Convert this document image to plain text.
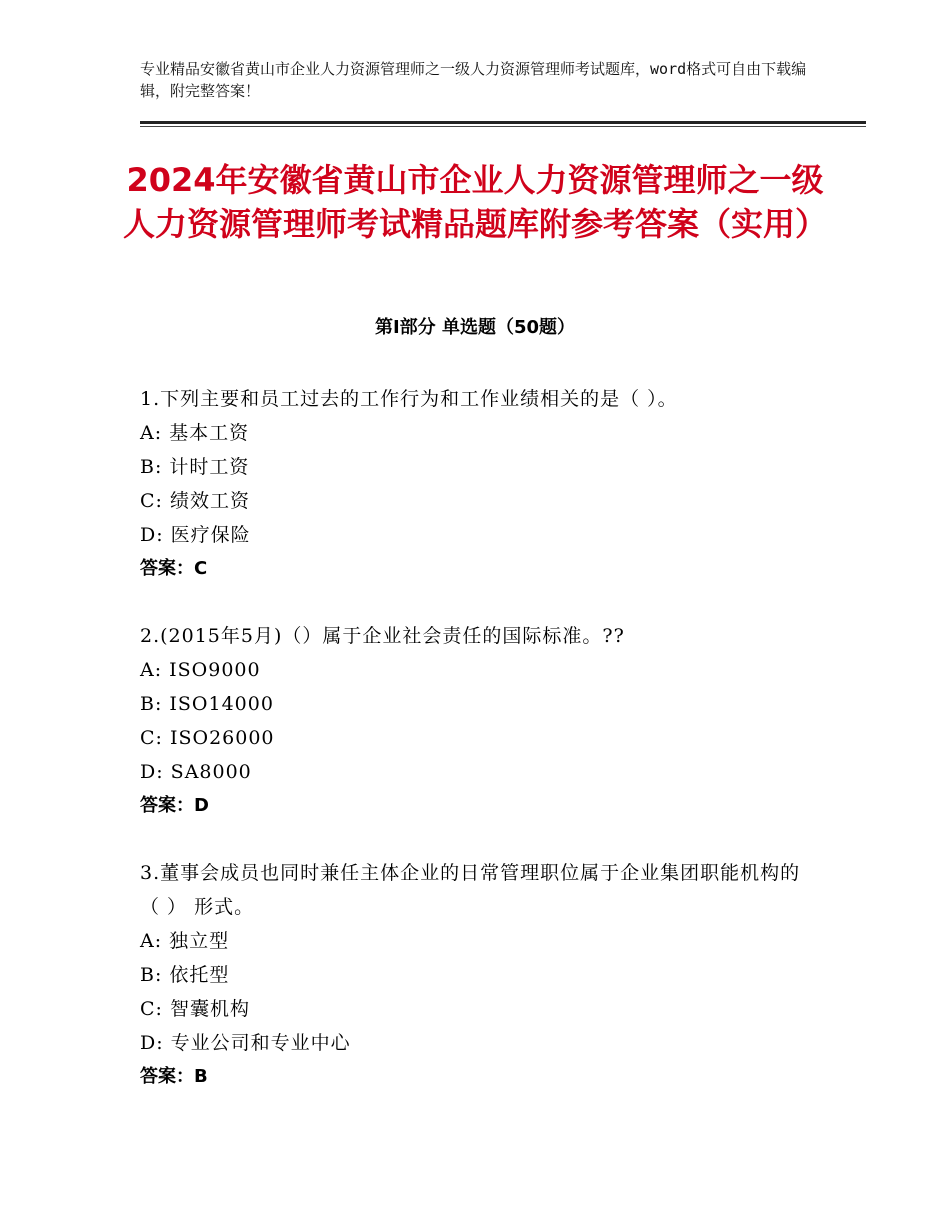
专业精品安徽省黄山市企业人力资源管理师之一级人力资源管理师考试题库，word格式可自由下载编辑，附完整答案！
2024年安徽省黄山市企业人力资源管理师之一级人力资源管理师考试精品题库附参考答案（实用）
第Ⅰ部分 单选题（50题）
1.下列主要和员工过去的工作行为和工作业绩相关的是（ ）。
A: 基本工资
B: 计时工资
C: 绩效工资
D: 医疗保险
答案：C
2.(2015年5月)（）属于企业社会责任的国际标准。??
A: ISO9000
B: ISO14000
C: ISO26000
D: SA8000
答案：D
3.董事会成员也同时兼任主体企业的日常管理职位属于企业集团职能机构的（ ） 形式。
A: 独立型
B: 依托型
C: 智囊机构
D: 专业公司和专业中心
答案：B
